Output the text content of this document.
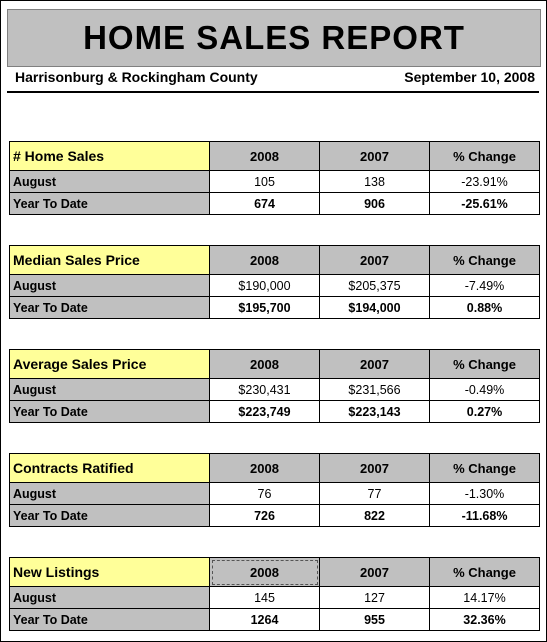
HOME SALES REPORT
Harrisonburg & Rockingham County	September 10, 2008
# Home Sales	2008	2007	% Change
August	105	138	-23.91%
Year To Date	674	906	-25.61%
Median Sales Price	2008	2007	% Change
August	$190,000	$205,375	-7.49%
Year To Date	$195,700	$194,000	0.88%
Average Sales Price	2008	2007	% Change
August	$230,431	$231,566	-0.49%
Year To Date	$223,749	$223,143	0.27%
Contracts Ratified	2008	2007	% Change
August	76	77	-1.30%
Year To Date	726	822	-11.68%
New Listings	2008	2007	% Change
August	145	127	14.17%
Year To Date	1264	955	32.36%
